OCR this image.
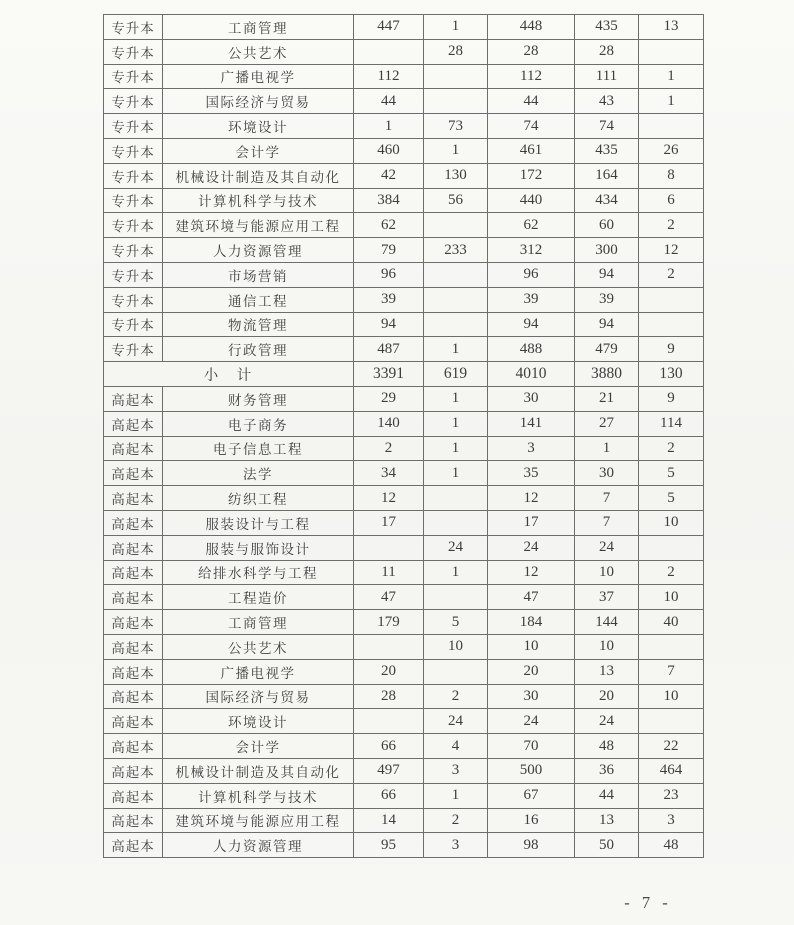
专升本	工商管理	447	1	448	435	13
专升本	公共艺术		28	28	28	
专升本	广播电视学	112		112	111	1
专升本	国际经济与贸易	44		44	43	1
专升本	环境设计	1	73	74	74	
专升本	会计学	460	1	461	435	26
专升本	机械设计制造及其自动化	42	130	172	164	8
专升本	计算机科学与技术	384	56	440	434	6
专升本	建筑环境与能源应用工程	62		62	60	2
专升本	人力资源管理	79	233	312	300	12
专升本	市场营销	96		96	94	2
专升本	通信工程	39		39	39	
专升本	物流管理	94		94	94	
专升本	行政管理	487	1	488	479	9
小　计		3391	619	4010	3880	130
高起本	财务管理	29	1	30	21	9
高起本	电子商务	140	1	141	27	114
高起本	电子信息工程	2	1	3	1	2
高起本	法学	34	1	35	30	5
高起本	纺织工程	12		12	7	5
高起本	服装设计与工程	17		17	7	10
高起本	服装与服饰设计		24	24	24	
高起本	给排水科学与工程	11	1	12	10	2
高起本	工程造价	47		47	37	10
高起本	工商管理	179	5	184	144	40
高起本	公共艺术		10	10	10	
高起本	广播电视学	20		20	13	7
高起本	国际经济与贸易	28	2	30	20	10
高起本	环境设计		24	24	24	
高起本	会计学	66	4	70	48	22
高起本	机械设计制造及其自动化	497	3	500	36	464
高起本	计算机科学与技术	66	1	67	44	23
高起本	建筑环境与能源应用工程	14	2	16	13	3
高起本	人力资源管理	95	3	98	50	48
- 7 -
